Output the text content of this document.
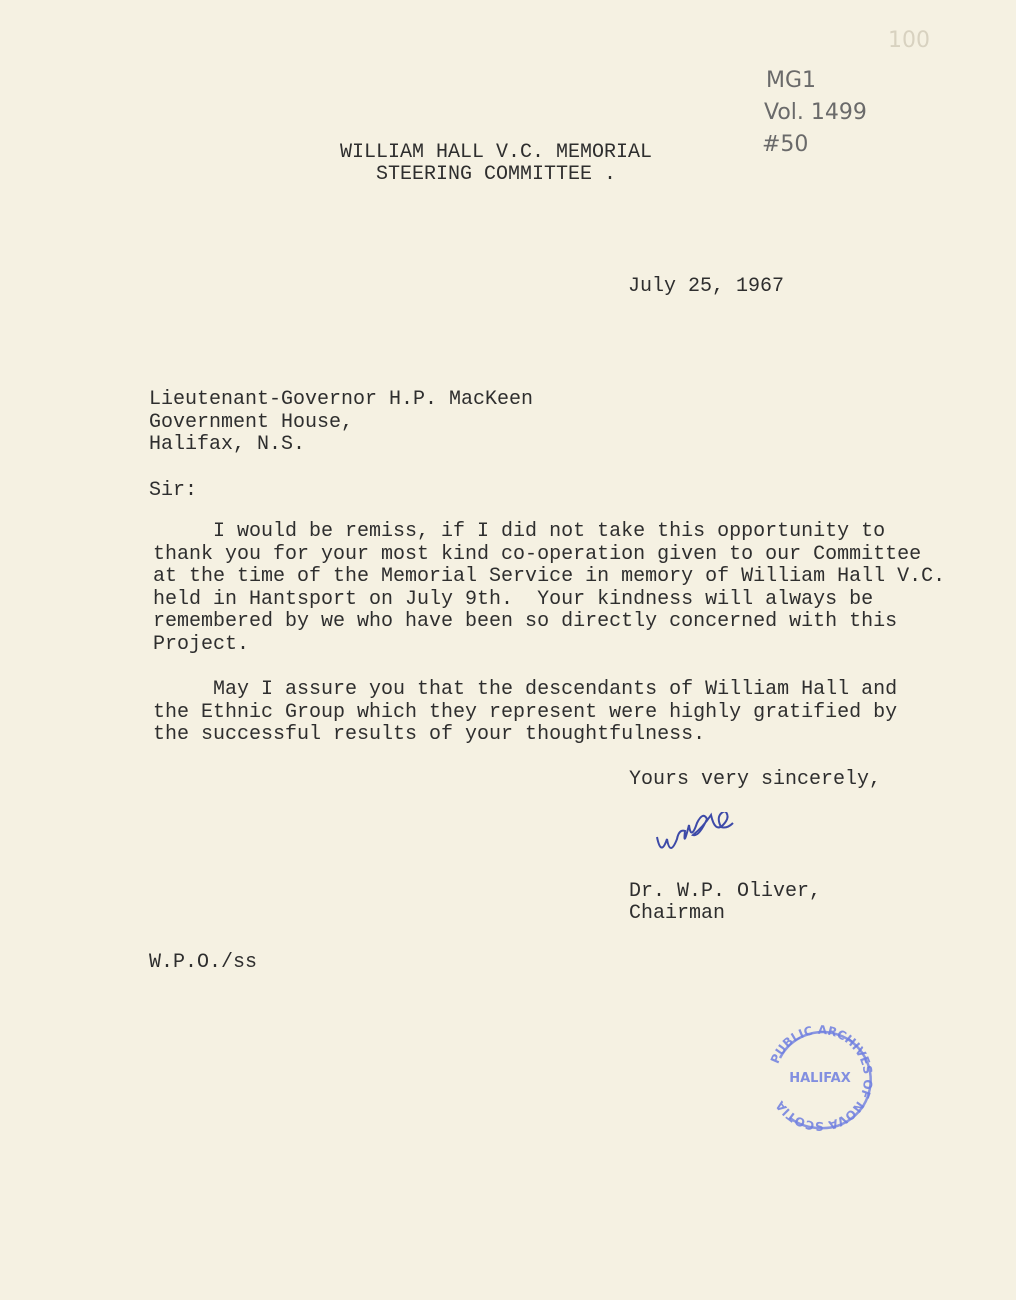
100
MG1
Vol. 1499
#50
WILLIAM HALL V.C. MEMORIAL
STEERING COMMITTEE .
July 25, 1967
Lieutenant-Governor H.P. MacKeen
Government House,
Halifax, N.S.
Sir:
I would be remiss, if I did not take this opportunity to
thank you for your most kind co-operation given to our Committee
at the time of the Memorial Service in memory of William Hall V.C.
held in Hantsport on July 9th.  Your kindness will always be
remembered by we who have been so directly concerned with this
Project.
May I assure you that the descendants of William Hall and
the Ethnic Group which they represent were highly gratified by
the successful results of your thoughtfulness.
Yours very sincerely,
Dr. W.P. Oliver,
Chairman
W.P.O./ss
PUBLIC ARCHIVES OF NOVA SCOTIA
HALIFAX
